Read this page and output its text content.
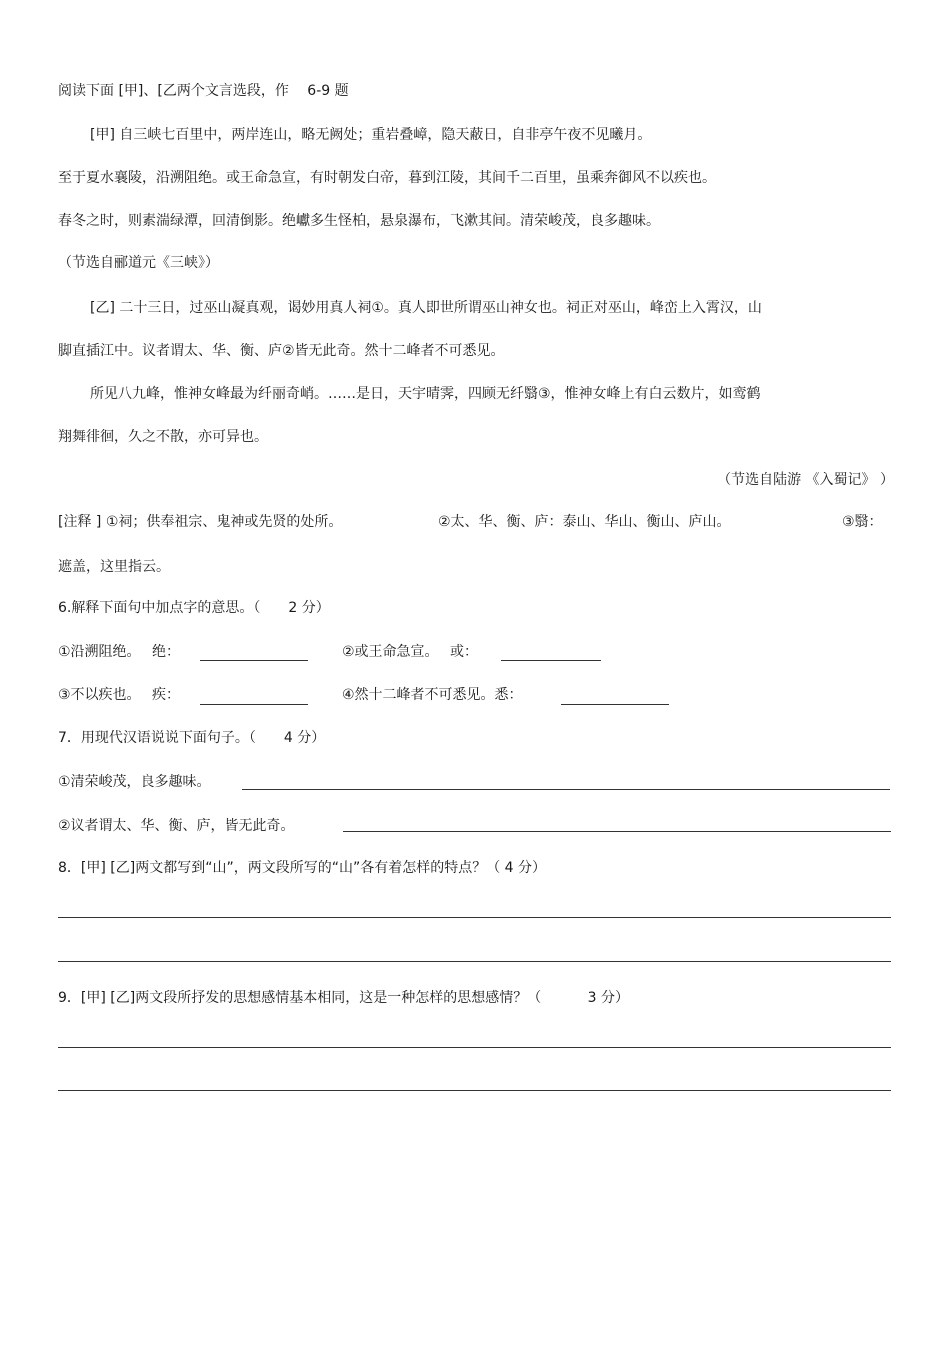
阅读下面 [甲]、[乙两个文言选段，作　 6-9 题
[甲] 自三峡七百里中，两岸连山，略无阙处；重岩叠嶂，隐天蔽日，自非亭午夜不见曦月。
至于夏水襄陵，沿溯阻绝。或王命急宣，有时朝发白帝，暮到江陵，其间千二百里，虽乘奔御风不以疾也。
春冬之时，则素湍绿潭，回清倒影。绝巘多生怪柏，悬泉瀑布，飞漱其间。清荣峻茂，良多趣味。
（节选自郦道元《三峡》）
[乙] 二十三日，过巫山凝真观，谒妙用真人祠①。真人即世所谓巫山神女也。祠正对巫山，峰峦上入霄汉，山
脚直插江中。议者谓太、华、衡、庐②皆无此奇。然十二峰者不可悉见。
所见八九峰，惟神女峰最为纤丽奇峭。……是日，天宇晴霁，四顾无纤翳③，惟神女峰上有白云数片，如鸾鹤
翔舞徘徊，久之不散，亦可异也。
（节选自陆游 《入蜀记》 ）
[注释 ] ①祠；供奉祖宗、鬼神或先贤的处所。	②太、华、衡、庐：泰山、华山、衡山、庐山。	③翳：
遮盖，这里指云。
6.解释下面句中加点字的意思。（　　2 分）
①沿溯阻绝。　 绝：	②或王命急宣。　 或：
③不以疾也。　 疾：	④然十二峰者不可悉见。悉：
7．用现代汉语说说下面句子。（　　4 分）
①清荣峻茂，良多趣味。
②议者谓太、华、衡、庐，皆无此奇。
8．[甲] [乙]两文都写到“山”，两文段所写的“山”各有着怎样的特点？（ 4 分）
9．[甲] [乙]两文段所抒发的思想感情基本相同，这是一种怎样的思想感情？（　　　 3 分）
